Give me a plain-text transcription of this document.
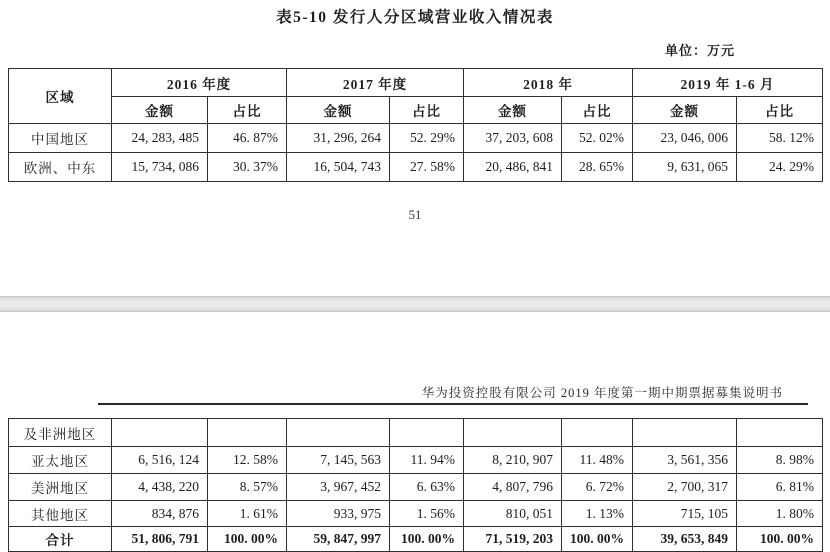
表5-10 发行人分区域营业收入情况表
单位：万元
区域	2016 年度		2017 年度		2018 年		2019 年 1-6 月	
	金额	占比	金额	占比	金额	占比	金额	占比
中国地区	24, 283, 485	46. 87%	31, 296, 264	52. 29%	37, 203, 608	52. 02%	23, 046, 006	58. 12%
欧洲、中东	15, 734, 086	30. 37%	16, 504, 743	27. 58%	20, 486, 841	28. 65%	9, 631, 065	24. 29%
51
华为投资控股有限公司 2019 年度第一期中期票据募集说明书
及非洲地区								
亚太地区	6, 516, 124	12. 58%	7, 145, 563	11. 94%	8, 210, 907	11. 48%	3, 561, 356	8. 98%
美洲地区	4, 438, 220	8. 57%	3, 967, 452	6. 63%	4, 807, 796	6. 72%	2, 700, 317	6. 81%
其他地区	834, 876	1. 61%	933, 975	1. 56%	810, 051	1. 13%	715, 105	1. 80%
合计	51, 806, 791	100. 00%	59, 847, 997	100. 00%	71, 519, 203	100. 00%	39, 653, 849	100. 00%
